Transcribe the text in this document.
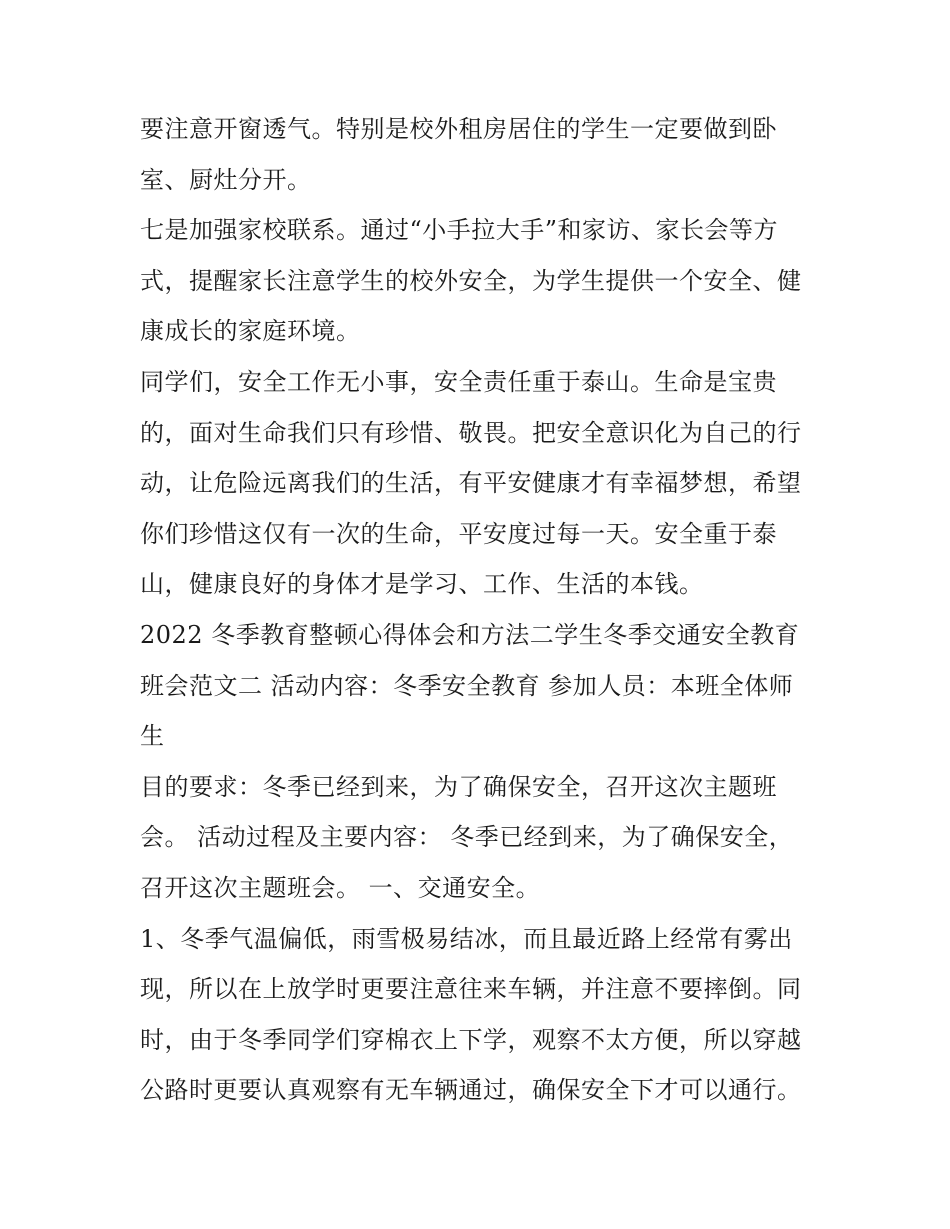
要注意开窗透气。特别是校外租房居住的学生一定要做到卧
室、厨灶分开。

七是加强家校联系。通过“小手拉大手”和家访、家长会等方
式，提醒家长注意学生的校外安全，为学生提供一个安全、健
康成长的家庭环境。

同学们，安全工作无小事，安全责任重于泰山。生命是宝贵
的，面对生命我们只有珍惜、敬畏。把安全意识化为自己的行
动，让危险远离我们的生活，有平安健康才有幸福梦想，希望
你们珍惜这仅有一次的生命，平安度过每一天。安全重于泰
山，健康良好的身体才是学习、工作、生活的本钱。

2022 冬季教育整顿心得体会和方法二学生冬季交通安全教育
班会范文二 活动内容：冬季安全教育 参加人员：本班全体师
生

目的要求：冬季已经到来，为了确保安全，召开这次主题班
会。 活动过程及主要内容： 冬季已经到来，为了确保安全，
召开这次主题班会。 一、交通安全。

1、冬季气温偏低，雨雪极易结冰，而且最近路上经常有雾出
现，所以在上放学时更要注意往来车辆，并注意不要摔倒。同
时，由于冬季同学们穿棉衣上下学，观察不太方便，所以穿越
公路时更要认真观察有无车辆通过，确保安全下才可以通行。
